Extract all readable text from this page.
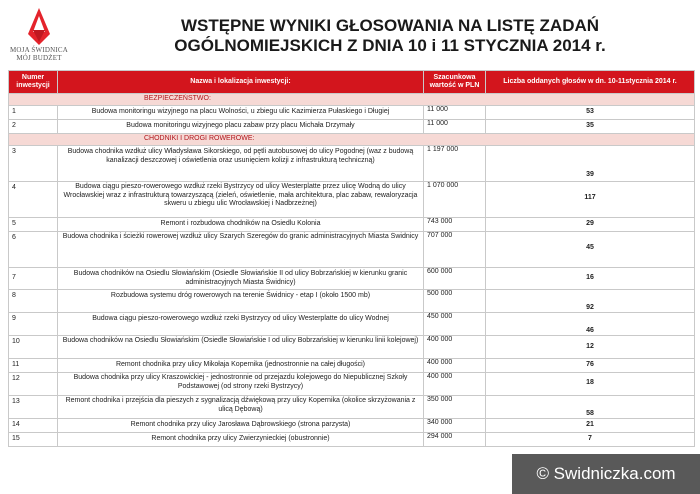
MOJA ŚWIDNICA
MÓJ BUDŻET
WSTĘPNE WYNIKI GŁOSOWANIA NA LISTĘ ZADAŃ
OGÓLNOMIEJSKICH Z DNIA 10 i 11 STYCZNIA 2014 r.
Numer inwestycji	Nazwa i lokalizacja inwestycji:	Szacunkowa wartość w PLN	Liczba oddanych głosów w dn. 10-11stycznia 2014 r.
BEZPIECZEŃSTWO:			
1	Budowa monitoringu wizyjnego na placu Wolności, u zbiegu ulic Kazimierza Pułaskiego i Długiej	11 000	53
2	Budowa monitoringu wizyjnego placu zabaw przy placu Michała Drzymały	11 000	35
CHODNIKI I DROGI ROWEROWE:			
3	Budowa chodnika wzdłuż ulicy Władysława Sikorskiego, od pętli autobusowej do ulicy Pogodnej (waz z budową kanalizacji deszczowej i oświetlenia oraz usunięciem kolizji z infrastrukturą techniczną)	1 197 000	39
4	Budowa ciągu pieszo-rowerowego wzdłuż rzeki Bystrzycy od ulicy Westerplatte przez ulicę Wodną do ulicy Wrocławskiej wraz z infrastrukturą towarzyszącą (zieleń, oświetlenie, mała architektura, plac zabaw, rewaloryzacja skweru u zbiegu ulic Wrocławskiej i Nadbrzeżnej)	1 070 000	117
5	Remont i rozbudowa chodników na Osiedlu Kolonia	743 000	29
6	Budowa chodnika i ścieżki rowerowej wzdłuż ulicy Szarych Szeregów do granic administracyjnych Miasta Świdnicy	707 000	45
7	Budowa chodników na Osiedlu Słowiańskim (Osiedle Słowiańskie II od ulicy Bobrzańskiej w kierunku granic administracyjnych Miasta Świdnicy)	600 000	16
8	Rozbudowa systemu dróg rowerowych na terenie Świdnicy - etap I (około 1500 mb)	500 000	92
9	Budowa ciągu pieszo-rowerowego wzdłuż rzeki Bystrzycy od ulicy Westerplatte do ulicy Wodnej	450 000	46
10	Budowa chodników na Osiedlu Słowiańskim (Osiedle Słowiańskie I od ulicy Bobrzańskiej w kierunku linii kolejowej)	400 000	12
11	Remont chodnika przy ulicy Mikołaja Kopernika (jednostronnie na całej długości)	400 000	76
12	Budowa chodnika przy ulicy Kraszowickiej - jednostronnie od przejazdu kolejowego do Niepublicznej Szkoły Podstawowej (od strony rzeki Bystrzycy)	400 000	18
13	Remont chodnika i przejścia dla pieszych z sygnalizacją dźwiękową przy ulicy Kopernika (okolice skrzyżowania z ulicą Dębową)	350 000	58
14	Remont chodnika przy ulicy Jarosława Dąbrowskiego (strona parzysta)	340 000	21
15	Remont chodnika przy ulicy Zwierzynieckiej (obustronnie)	294 000	7
© Swidniczka.com
